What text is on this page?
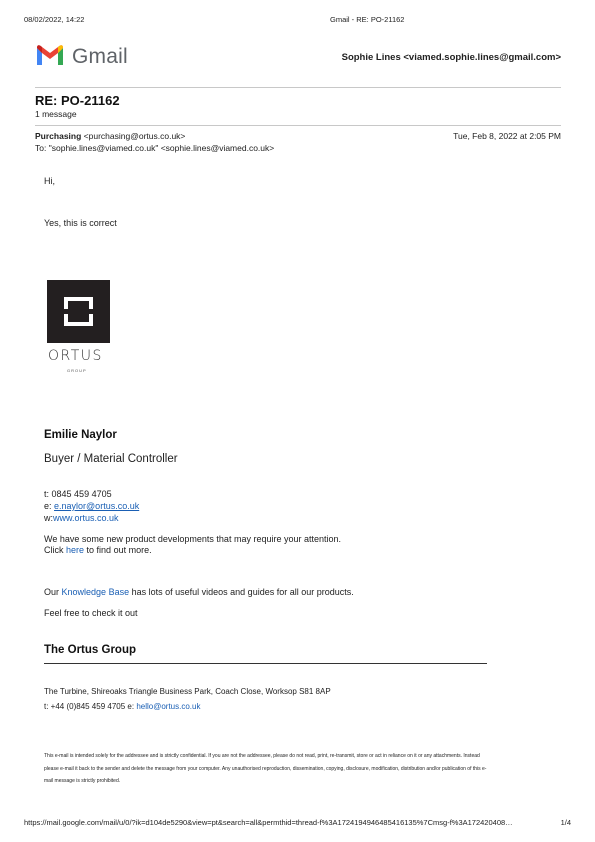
08/02/2022, 14:22	Gmail - RE: PO-21162
Gmail	Sophie Lines <viamed.sophie.lines@gmail.com>
RE: PO-21162
1 message
Purchasing <purchasing@ortus.co.uk>	Tue, Feb 8, 2022 at 2:05 PM
To: "sophie.lines@viamed.co.uk" <sophie.lines@viamed.co.uk>
Hi,
Yes, this is correct
ORTUS
GROUP
Emilie Naylor
Buyer / Material Controller
t: 0845 459 4705
e: e.naylor@ortus.co.uk
w:www.ortus.co.uk
We have some new product developments that may require your attention.
Click here to find out more.
Our Knowledge Base has lots of useful videos and guides for all our products.
Feel free to check it out
The Ortus Group
The Turbine, Shireoaks Triangle Business Park, Coach Close, Worksop S81 8AP
t: +44 (0)845 459 4705 e: hello@ortus.co.uk
This e-mail is intended solely for the addressee and is strictly confidential. If you are not the addressee, please do not read, print, re-transmit, store or act in reliance on it or any attachments. Instead please e-mail it back to the sender and delete the message from your computer. Any unauthorised reproduction, dissemination, copying, disclosure, modification, distribution and/or publication of this e-mail message is strictly prohibited.
https://mail.google.com/mail/u/0/?ik=d104de5290&view=pt&search=all&permthid=thread-f%3A1724194946485416135%7Cmsg-f%3A172420408…	1/4
